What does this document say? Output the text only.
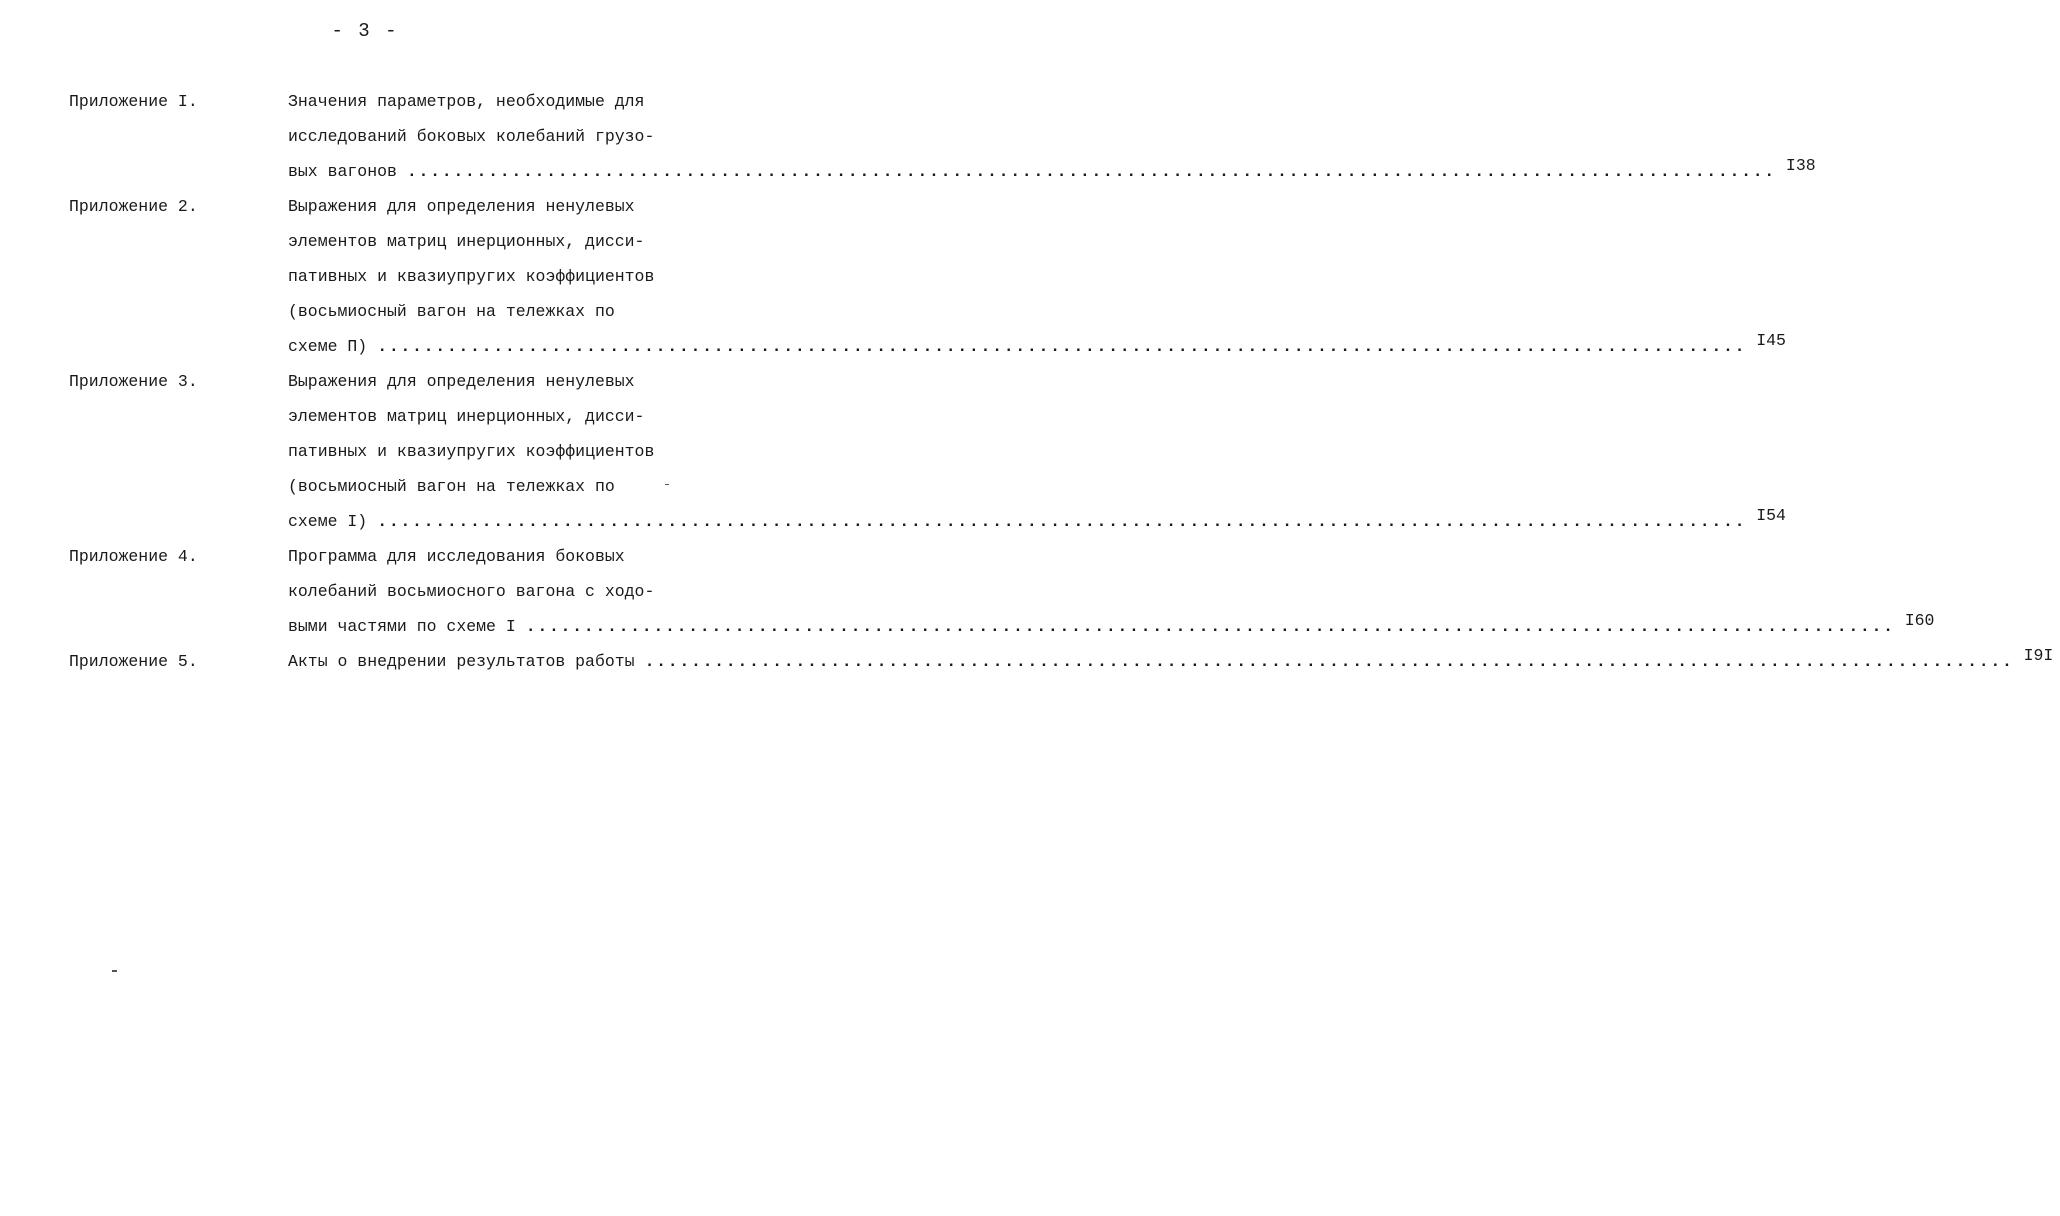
- 3 -
Приложение I.	Значения параметров, необходимые для
исследований боковых колебаний грузо-
вых вагонов ...................................................................................................................... I38
Приложение 2.	Выражения для определения ненулевых
элементов матриц инерционных, дисси-
пативных и квазиупругих коэффициентов
(восьмиосный вагон на тележках по
схеме П) ...................................................................................................................... I45
Приложение 3.	Выражения для определения ненулевых
элементов матриц инерционных, дисси-
пативных и квазиупругих коэффициентов
(восьмиосный вагон на тележках по
схеме I) ...................................................................................................................... I54
Приложение 4.	Программа для исследования боковых
колебаний восьмиосного вагона с ходо-
выми частями по схеме I ...................................................................................................................... I60
Приложение 5.	Акты о внедрении результатов работы ...................................................................................................................... I9I
